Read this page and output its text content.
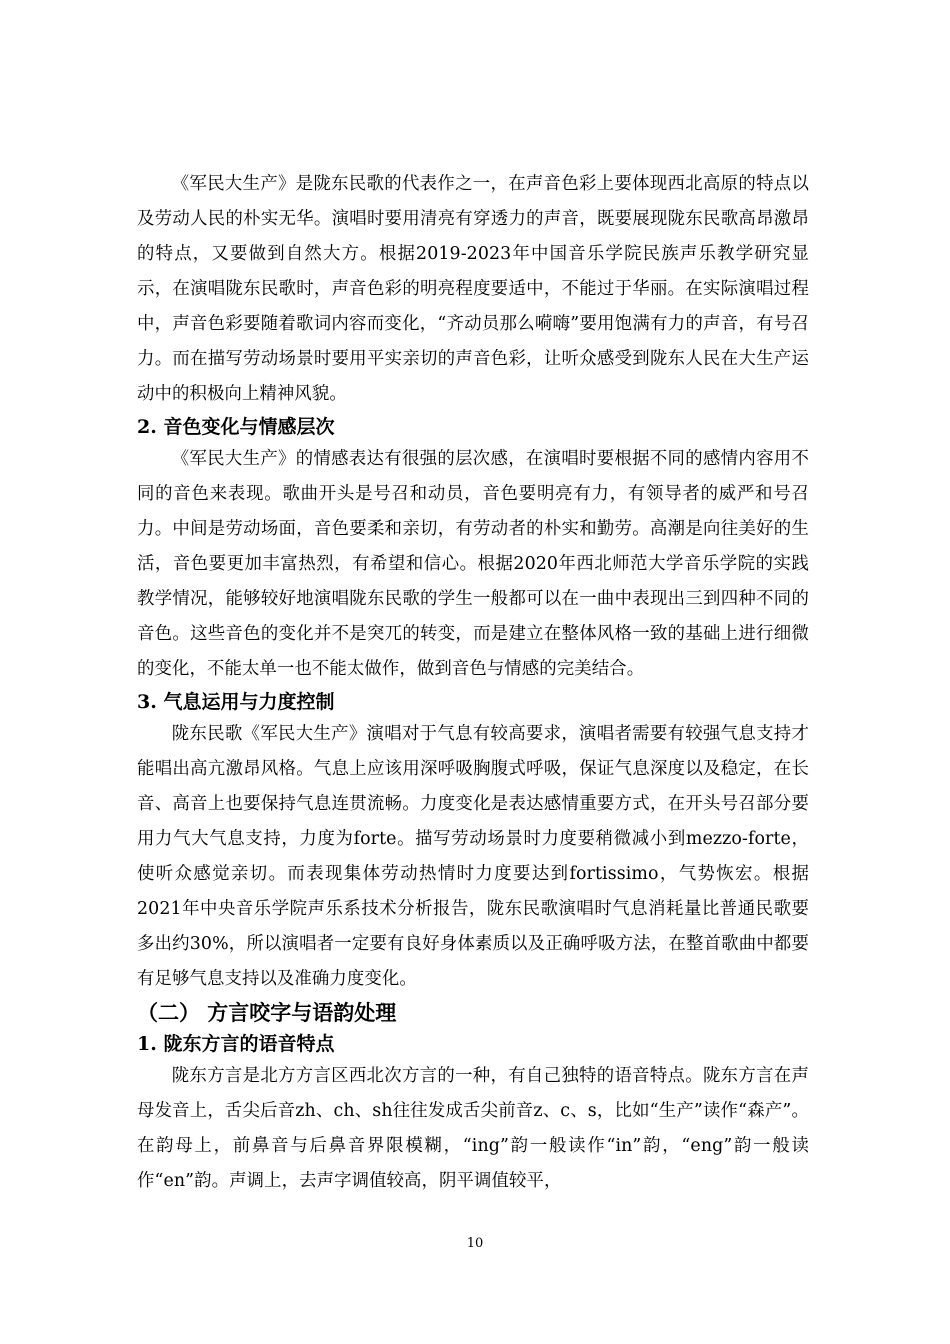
《军民大生产》是陇东民歌的代表作之一，在声音色彩上要体现西北高原的特点以及劳动人民的朴实无华。演唱时要用清亮有穿透力的声音，既要展现陇东民歌高昂激昂的特点，又要做到自然大方。根据2019-2023年中国音乐学院民族声乐教学研究显示，在演唱陇东民歌时，声音色彩的明亮程度要适中，不能过于华丽。在实际演唱过程中，声音色彩要随着歌词内容而变化，“齐动员那么嗬嗨”要用饱满有力的声音，有号召力。而在描写劳动场景时要用平实亲切的声音色彩，让听众感受到陇东人民在大生产运动中的积极向上精神风貌。

2. 音色变化与情感层次

《军民大生产》的情感表达有很强的层次感，在演唱时要根据不同的感情内容用不同的音色来表现。歌曲开头是号召和动员，音色要明亮有力，有领导者的威严和号召力。中间是劳动场面，音色要柔和亲切，有劳动者的朴实和勤劳。高潮是向往美好的生活，音色要更加丰富热烈，有希望和信心。根据2020年西北师范大学音乐学院的实践教学情况，能够较好地演唱陇东民歌的学生一般都可以在一曲中表现出三到四种不同的音色。这些音色的变化并不是突兀的转变，而是建立在整体风格一致的基础上进行细微的变化，不能太单一也不能太做作，做到音色与情感的完美结合。

3. 气息运用与力度控制

陇东民歌《军民大生产》演唱对于气息有较高要求，演唱者需要有较强气息支持才能唱出高亢激昂风格。气息上应该用深呼吸胸腹式呼吸，保证气息深度以及稳定，在长音、高音上也要保持气息连贯流畅。力度变化是表达感情重要方式，在开头号召部分要用力气大气息支持，力度为forte。描写劳动场景时力度要稍微减小到mezzo-forte，使听众感觉亲切。而表现集体劳动热情时力度要达到fortissimo，气势恢宏。根据2021年中央音乐学院声乐系技术分析报告，陇东民歌演唱时气息消耗量比普通民歌要多出约30%，所以演唱者一定要有良好身体素质以及正确呼吸方法，在整首歌曲中都要有足够气息支持以及准确力度变化。

（二） 方言咬字与语韵处理
1. 陇东方言的语音特点

陇东方言是北方方言区西北次方言的一种，有自己独特的语音特点。陇东方言在声母发音上，舌尖后音zh、ch、sh往往发成舌尖前音z、c、s，比如“生产”读作“森产”。在韵母上，前鼻音与后鼻音界限模糊，“ing”韵一般读作“in”韵，“eng”韵一般读作“en”韵。声调上，去声字调值较高，阴平调值较平，

10
